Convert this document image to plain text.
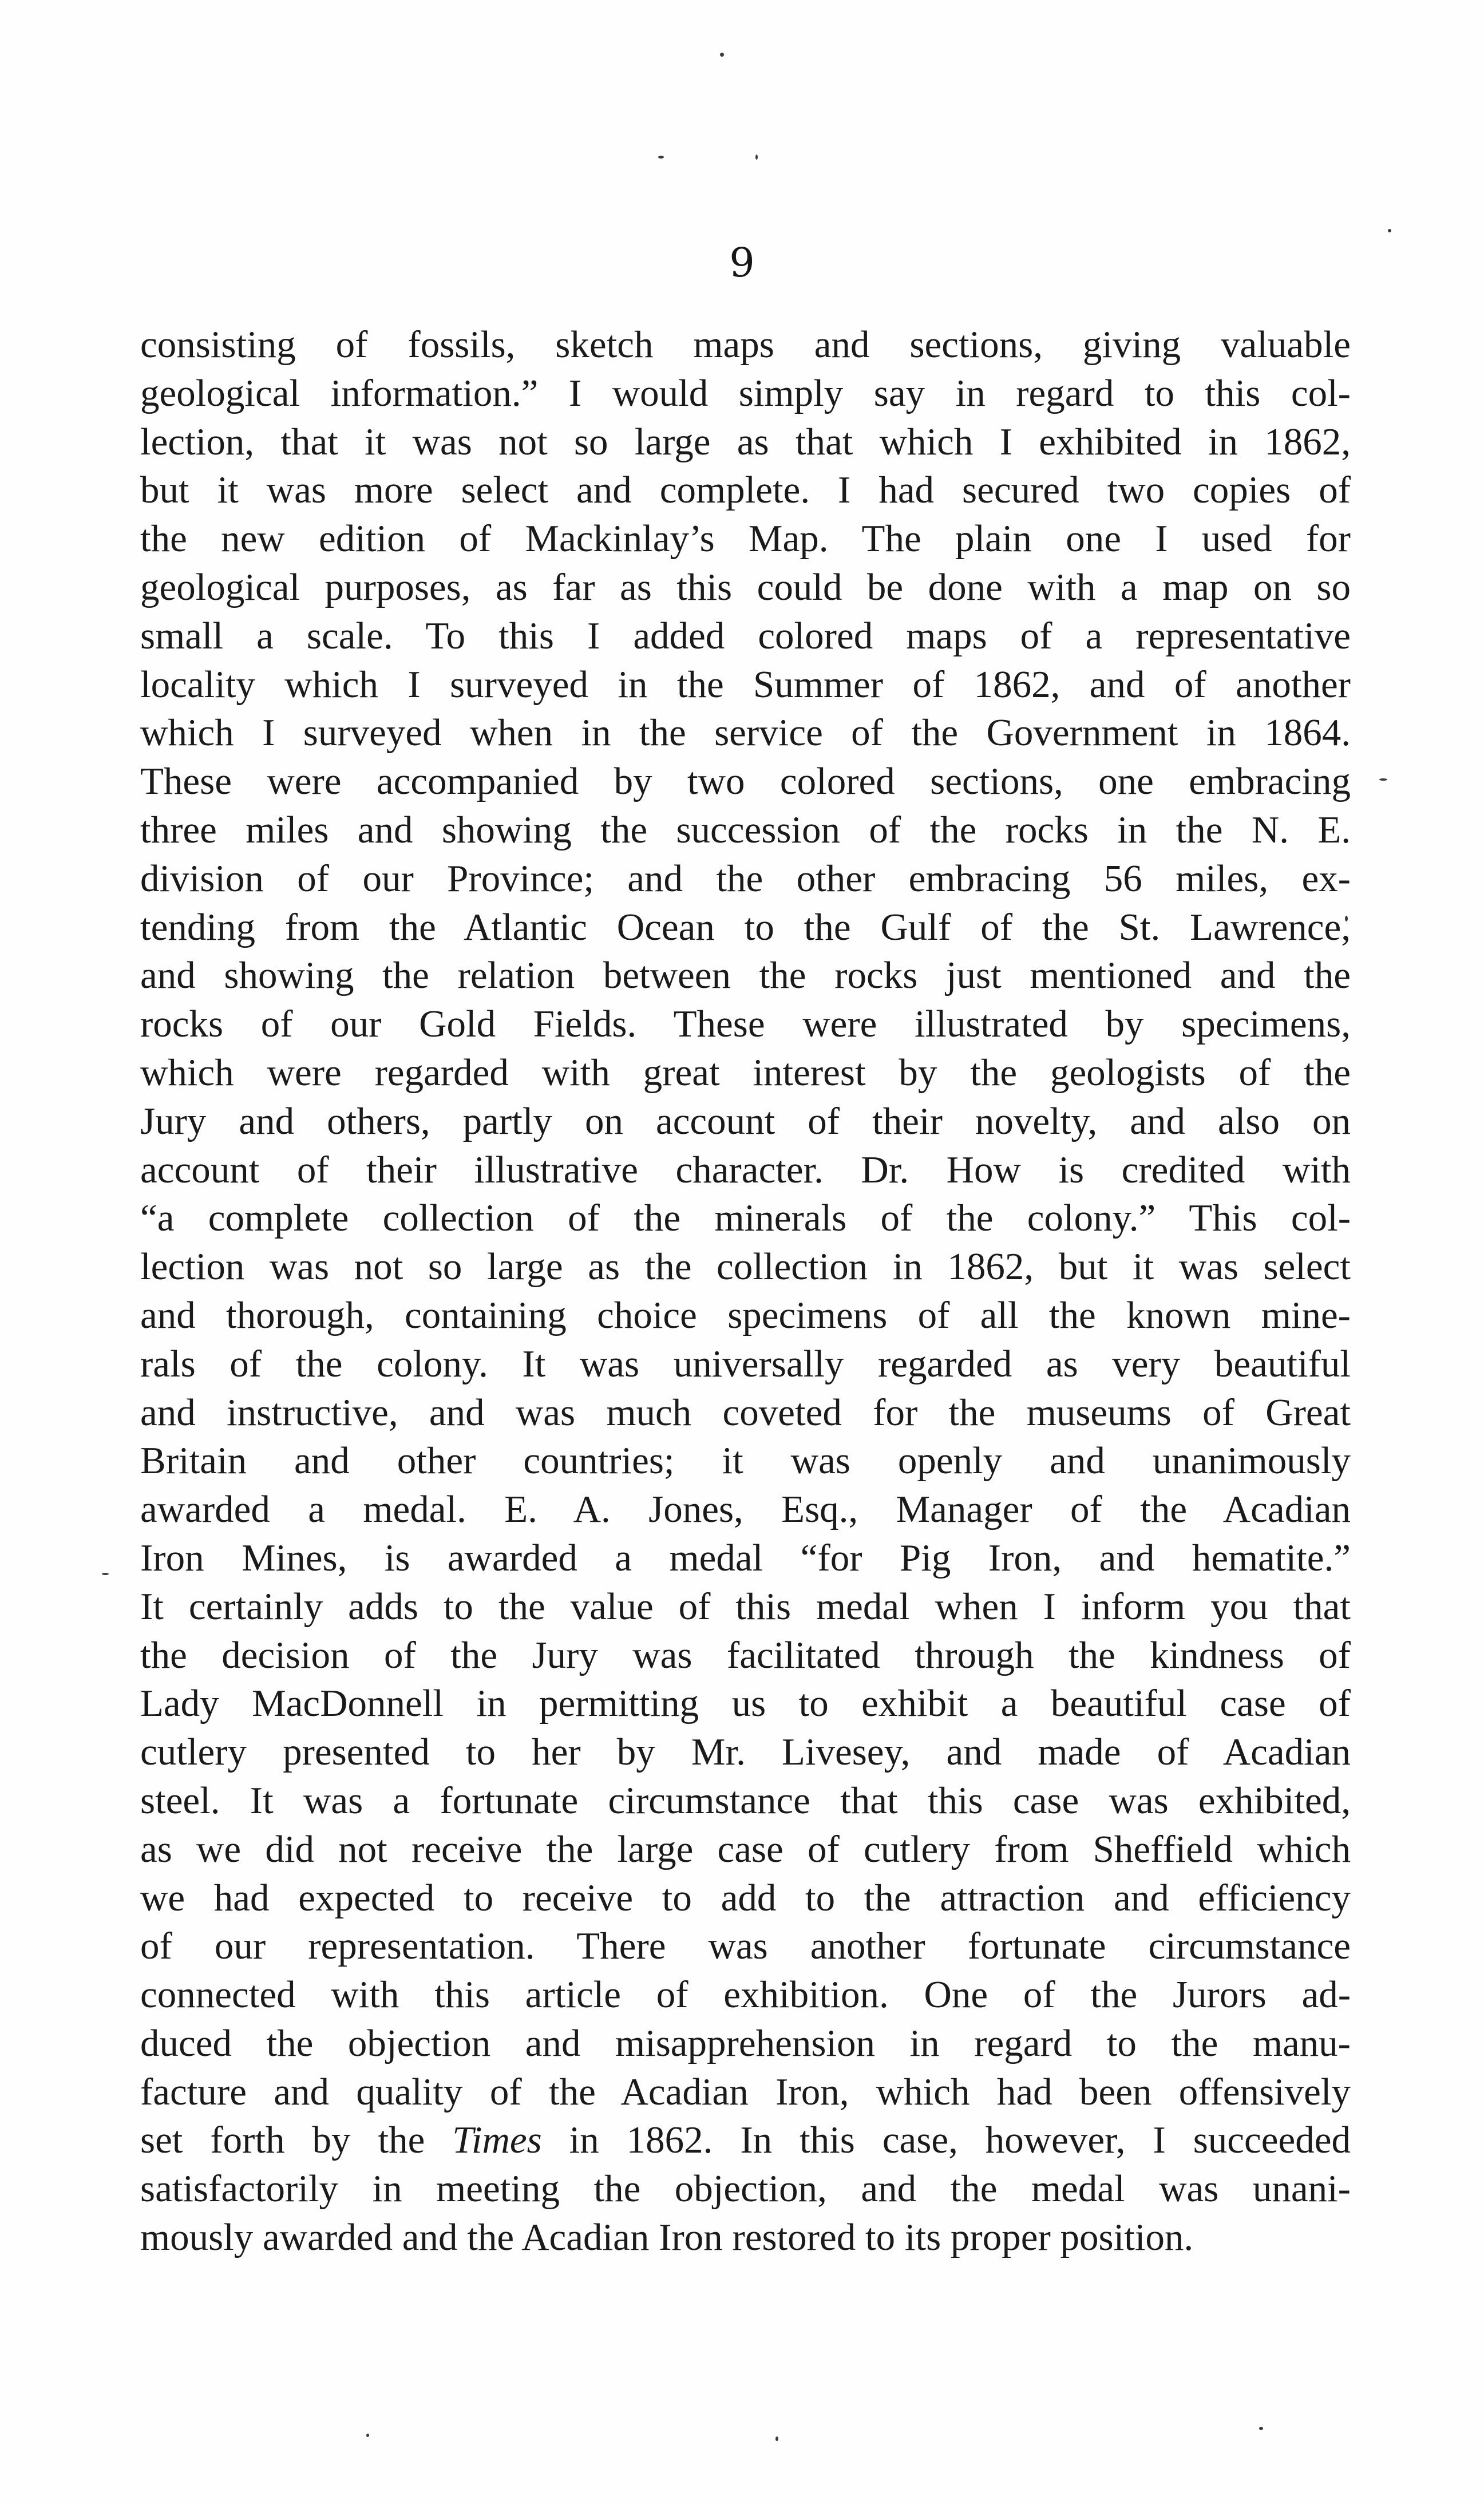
9
consisting of fossils, sketch maps and sections, giving valuable
geological information.” I would simply say in regard to this col-
lection, that it was not so large as that which I exhibited in 1862,
but it was more select and complete. I had secured two copies of
the new edition of Mackinlay’s Map. The plain one I used for
geological purposes, as far as this could be done with a map on so
small a scale. To this I added colored maps of a representative
locality which I surveyed in the Summer of 1862, and of another
which I surveyed when in the service of the Government in 1864.
These were accompanied by two colored sections, one embracing
three miles and showing the succession of the rocks in the N. E.
division of our Province; and the other embracing 56 miles, ex-
tending from the Atlantic Ocean to the Gulf of the St. Lawrence,
and showing the relation between the rocks just mentioned and the
rocks of our Gold Fields. These were illustrated by specimens,
which were regarded with great interest by the geologists of the
Jury and others, partly on account of their novelty, and also on
account of their illustrative character. Dr. How is credited with
“a complete collection of the minerals of the colony.” This col-
lection was not so large as the collection in 1862, but it was select
and thorough, containing choice specimens of all the known mine-
rals of the colony. It was universally regarded as very beautiful
and instructive, and was much coveted for the museums of Great
Britain and other countries; it was openly and unanimously
awarded a medal. E. A. Jones, Esq., Manager of the Acadian
Iron Mines, is awarded a medal “for Pig Iron, and hematite.”
It certainly adds to the value of this medal when I inform you that
the decision of the Jury was facilitated through the kindness of
Lady MacDonnell in permitting us to exhibit a beautiful case of
cutlery presented to her by Mr. Livesey, and made of Acadian
steel. It was a fortunate circumstance that this case was exhibited,
as we did not receive the large case of cutlery from Sheffield which
we had expected to receive to add to the attraction and efficiency
of our representation. There was another fortunate circumstance
connected with this article of exhibition. One of the Jurors ad-
duced the objection and misapprehension in regard to the manu-
facture and quality of the Acadian Iron, which had been offensively
set forth by the Times in 1862. In this case, however, I succeeded
satisfactorily in meeting the objection, and the medal was unani-
mously awarded and the Acadian Iron restored to its proper position.
